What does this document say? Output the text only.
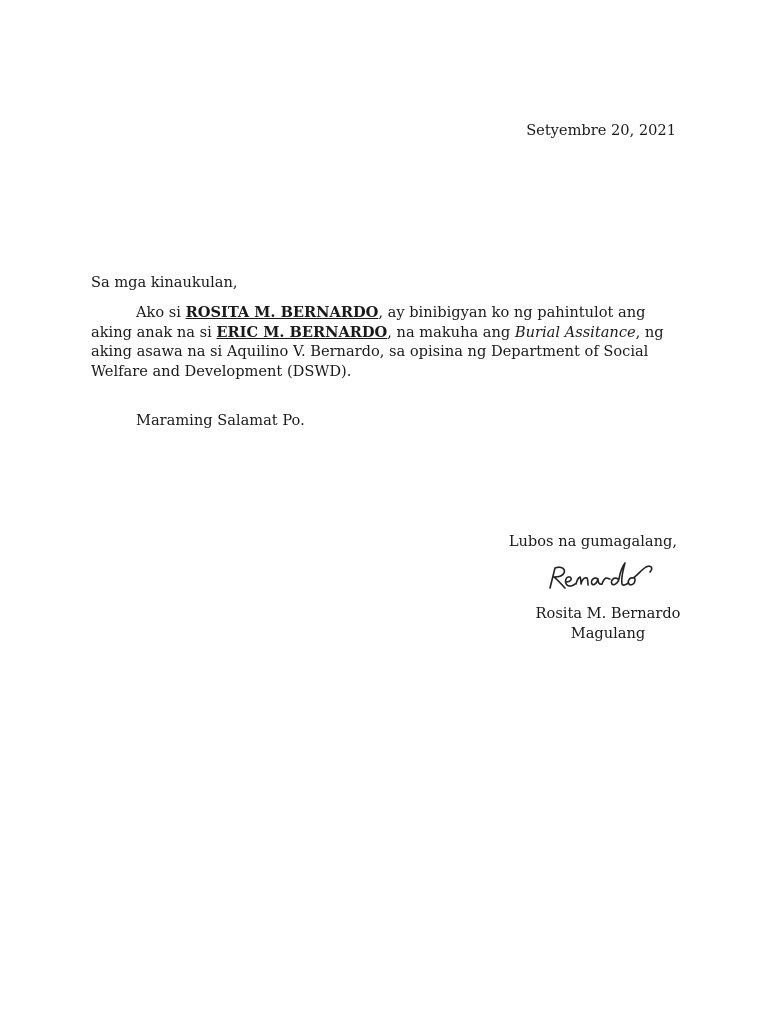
Setyembre 20, 2021
Sa mga kinaukulan,
Ako si ROSITA M. BERNARDO, ay binibigyan ko ng pahintulot ang aking anak na si ERIC M. BERNARDO, na makuha ang Burial Assitance, ng aking asawa na si Aquilino V. Bernardo, sa opisina ng Department of Social Welfare and Development (DSWD).
Maraming Salamat Po.
Lubos na gumagalang,
Rosita M. Bernardo
Magulang
